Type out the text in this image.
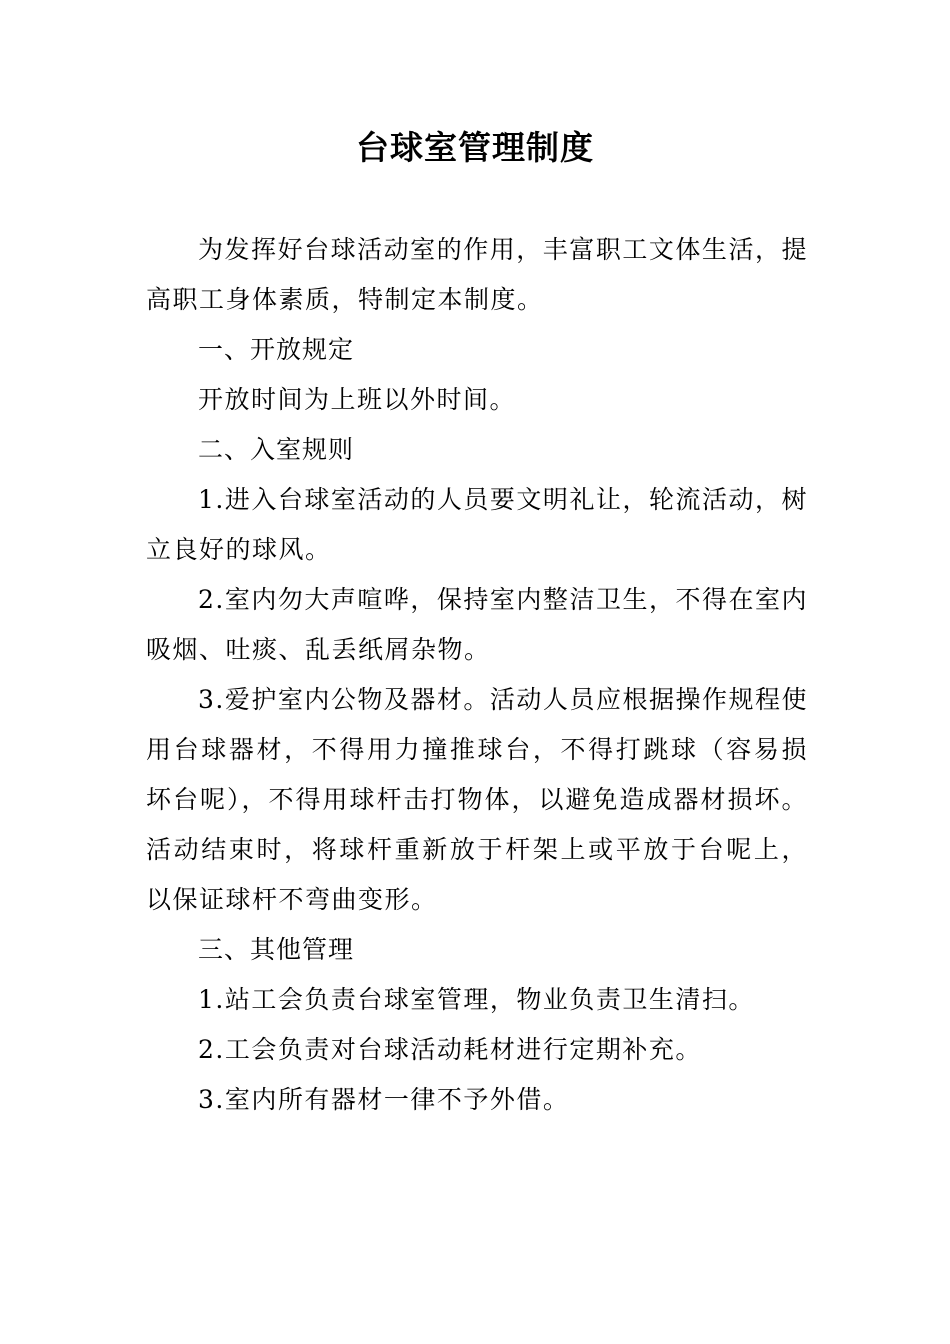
台球室管理制度

为发挥好台球活动室的作用，丰富职工文体生活，提高职工身体素质，特制定本制度。

一、开放规定

开放时间为上班以外时间。

二、入室规则

1.进入台球室活动的人员要文明礼让，轮流活动，树立良好的球风。

2.室内勿大声喧哗，保持室内整洁卫生，不得在室内吸烟、吐痰、乱丢纸屑杂物。

3.爱护室内公物及器材。活动人员应根据操作规程使用台球器材，不得用力撞推球台，不得打跳球（容易损坏台呢），不得用球杆击打物体，以避免造成器材损坏。活动结束时，将球杆重新放于杆架上或平放于台呢上，以保证球杆不弯曲变形。

三、其他管理

1.站工会负责台球室管理，物业负责卫生清扫。

2.工会负责对台球活动耗材进行定期补充。

3.室内所有器材一律不予外借。
